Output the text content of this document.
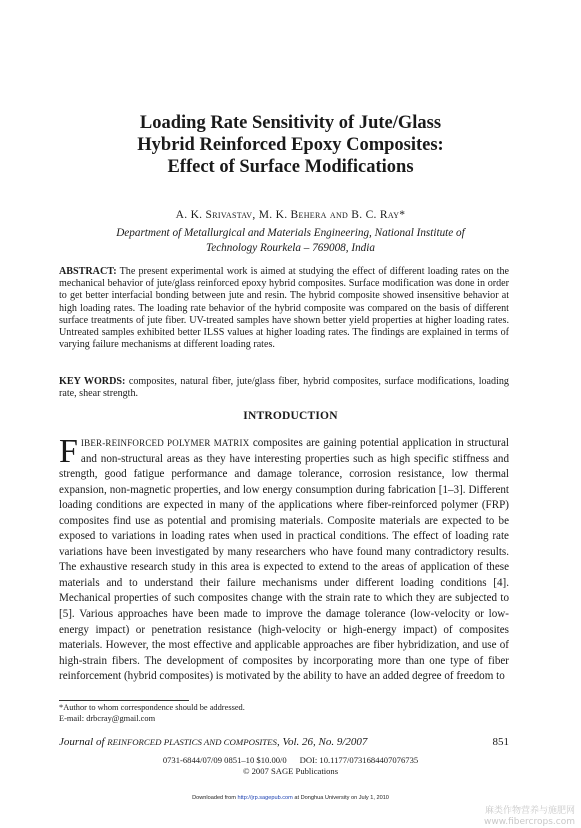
Loading Rate Sensitivity of Jute/Glass
Hybrid Reinforced Epoxy Composites:
Effect of Surface Modifications
A. K. Srivastav, M. K. Behera and B. C. Ray*
Department of Metallurgical and Materials Engineering, National Institute of
Technology Rourkela – 769008, India
ABSTRACT: The present experimental work is aimed at studying the effect of different loading rates on the mechanical behavior of jute/glass reinforced epoxy hybrid composites. Surface modification was done in order to get better interfacial bonding between jute and resin. The hybrid composite showed insensitive behavior at high loading rates. The loading rate behavior of the hybrid composite was compared on the basis of different surface treatments of jute fiber. UV-treated samples have shown better yield properties at higher loading rates. Untreated samples exhibited better ILSS values at higher loading rates. The findings are explained in terms of varying failure mechanisms at different loading rates.
KEY WORDS: composites, natural fiber, jute/glass fiber, hybrid composites, surface modifications, loading rate, shear strength.
INTRODUCTION
FIBER-REINFORCED POLYMER MATRIX composites are gaining potential application in structural and non-structural areas as they have interesting properties such as high specific stiffness and strength, good fatigue performance and damage tolerance, corrosion resistance, low thermal expansion, non-magnetic properties, and low energy consumption during fabrication [1–3]. Different loading conditions are expected in many of the applications where fiber-reinforced polymer (FRP) composites find use as potential and promising materials. Composite materials are expected to be exposed to variations in loading rates when used in practical conditions. The effect of loading rate variations have been investigated by many researchers who have found many contradictory results. The exhaustive research study in this area is expected to extend to the areas of application of these materials and to understand their failure mechanisms under different loading conditions [4]. Mechanical properties of such composites change with the strain rate to which they are subjected to [5]. Various approaches have been made to improve the damage tolerance (low-velocity or low-energy impact) or penetration resistance (high-velocity or high-energy impact) of composites materials. However, the most effective and applicable approaches are fiber hybridization, and use of high-strain fibers. The development of composites by incorporating more than one type of fiber reinforcement (hybrid composites) is motivated by the ability to have an added degree of freedom to
*Author to whom correspondence should be addressed.
E-mail: drbcray@gmail.com
Journal of REINFORCED PLASTICS AND COMPOSITES, Vol. 26, No. 9/2007	851
0731-6844/07/09 0851–10 $10.00/0      DOI: 10.1177/0731684407076735
© 2007 SAGE Publications
Downloaded from http://jrp.sagepub.com at Donghua University on July 1, 2010
麻类作物营养与施肥网
www.fibercrops.com
